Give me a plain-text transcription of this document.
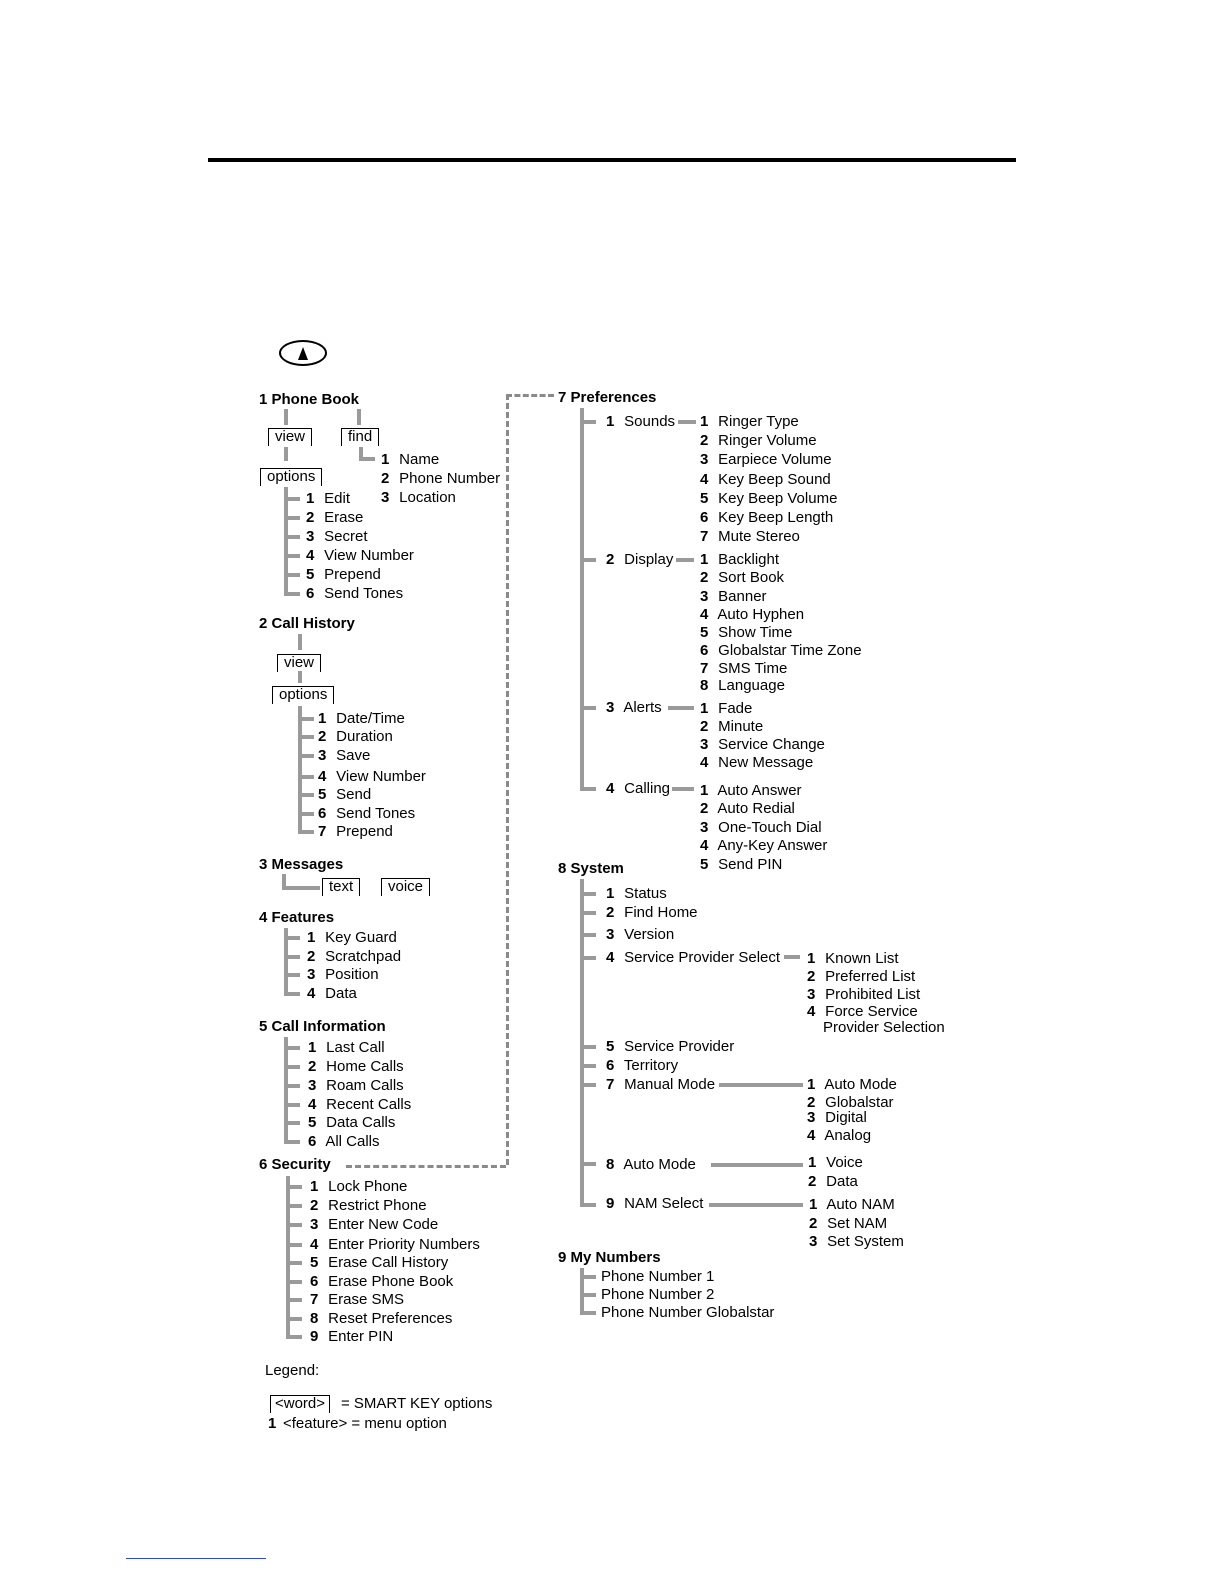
1 Phone Book
view	find
options
1 Name
2 Phone Number
3 Location
1 Edit
2 Erase
3 Secret
4 View Number
5 Prepend
6 Send Tones
2 Call History
view
options
1 Date/Time
2 Duration
3 Save
4 View Number
5 Send
6 Send Tones
7 Prepend
3 Messages
text	voice
4 Features
1 Key Guard
2 Scratchpad
3 Position
4 Data
5 Call Information
1 Last Call
2 Home Calls
3 Roam Calls
4 Recent Calls
5 Data Calls
6 All Calls
6 Security
1 Lock Phone
2 Restrict Phone
3 Enter New Code
4 Enter Priority Numbers
5 Erase Call History
6 Erase Phone Book
7 Erase SMS
8 Reset Preferences
9 Enter PIN
7 Preferences
1 Sounds 1 Ringer Type
2 Ringer Volume
3 Earpiece Volume
4 Key Beep Sound
5 Key Beep Volume
6 Key Beep Length
7 Mute Stereo
2 Display 1 Backlight
2 Sort Book
3 Banner
4 Auto Hyphen
5 Show Time
6 Globalstar Time Zone
7 SMS Time
8 Language
3 Alerts	1 Fade
2 Minute
3 Service Change
4 New Message
4 Calling 1 Auto Answer
2 Auto Redial
3 One-Touch Dial
4 Any-Key Answer
5 Send PIN
8 System
1 Status
2 Find Home
3 Version
4 Service Provider Select 1 Known List
2 Preferred List
3 Prohibited List
4 Force Service
Provider Selection
5 Service Provider
6 Territory
7 Manual Mode	1 Auto Mode
2 Globalstar
3 Digital
4 Analog
8 Auto Mode	1 Voice
2 Data
9 NAM Select	1 Auto NAM
2 Set NAM
3 Set System
9 My Numbers
Phone Number 1
Phone Number 2
Phone Number Globalstar
Legend:
<word>	= SMART KEY options
1 <feature> = menu option
